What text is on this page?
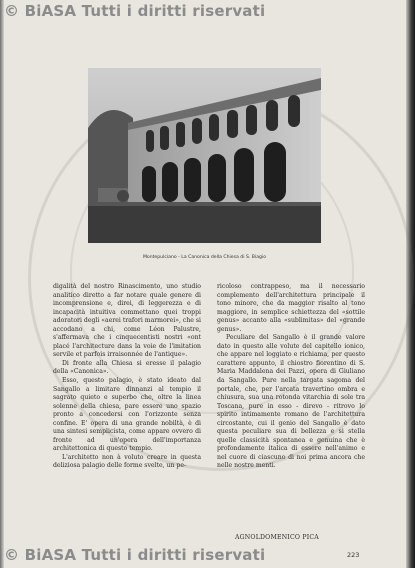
© BiASA Tutti i diritti riservati
Montepulciano - La Canonica della Chiesa di S. Biagio

digalità del nostro Rinascimento, uno studio analitico diretto a far notare quale genere di incomprensione e, direi, di leggerezza e di incapacità intuitiva commettano quei troppi adoratori degli «aerei trafori marmorei», che si accodano a chi, come Léon Palustre, s'affermava che i cinquecentisti nostri «ont placé l'architecture dans la voie de l'imitation servile et parfois irraisonnée de l'antique».

Di fronte alla Chiesa si eresse il palagio della «Canonica».

Esso, questo palagio, è stato ideato dal Sangallo a limitare dinnanzi al tempio il sagrato quieto e superbo che, oltre la linea solenne della chiesa, pare essere uno spazio pronto a concedersi con l'orizzonte senza confine. E' opera di una grande nobiltà, è di una sintesi semplicista, come appare ovvero di fronte ad un'opera dell'importanza architettonica di questo tempio.

L'architetto non à voluto creare in questa deliziosa palagio delle forme svelte, un pe-

ricoloso contrappeso, ma il necessario complemento dell'architettura principale il tono minore, che da maggior risalto al tono maggiore, in semplice schiettezza del «sottile genus» accanto alla «sublimitas» del «grande genus».

Peculiare del Sangallo è il grande valore dato in questo alle volute del capitello ionico, che appare nel loggiato e richiama, per questo carattere appunto, il chiostro fiorentino di S. Maria Maddalena dei Pazzi, opera di Giuliano da Sangallo. Pure nella targata sagoma del portale, che, per l'arcata travertino ombra e chiusura, sua una rotonda vitarchia di sole tra Toscana, pure in esso - direvo - ritrovo lo spirito intimamente romano de l'architettura circostante, cui il genio del Sangallo è dato questa peculiare sua di bellezza e si stella quelle classicità spontanea e genuina che è profondamente italica di essere nell'animo e nel cuore di ciascuno di noi prima ancora che nelle nostre menti.

AGNOLDOMENICO PICA
223
© BiASA Tutti i diritti riservati
